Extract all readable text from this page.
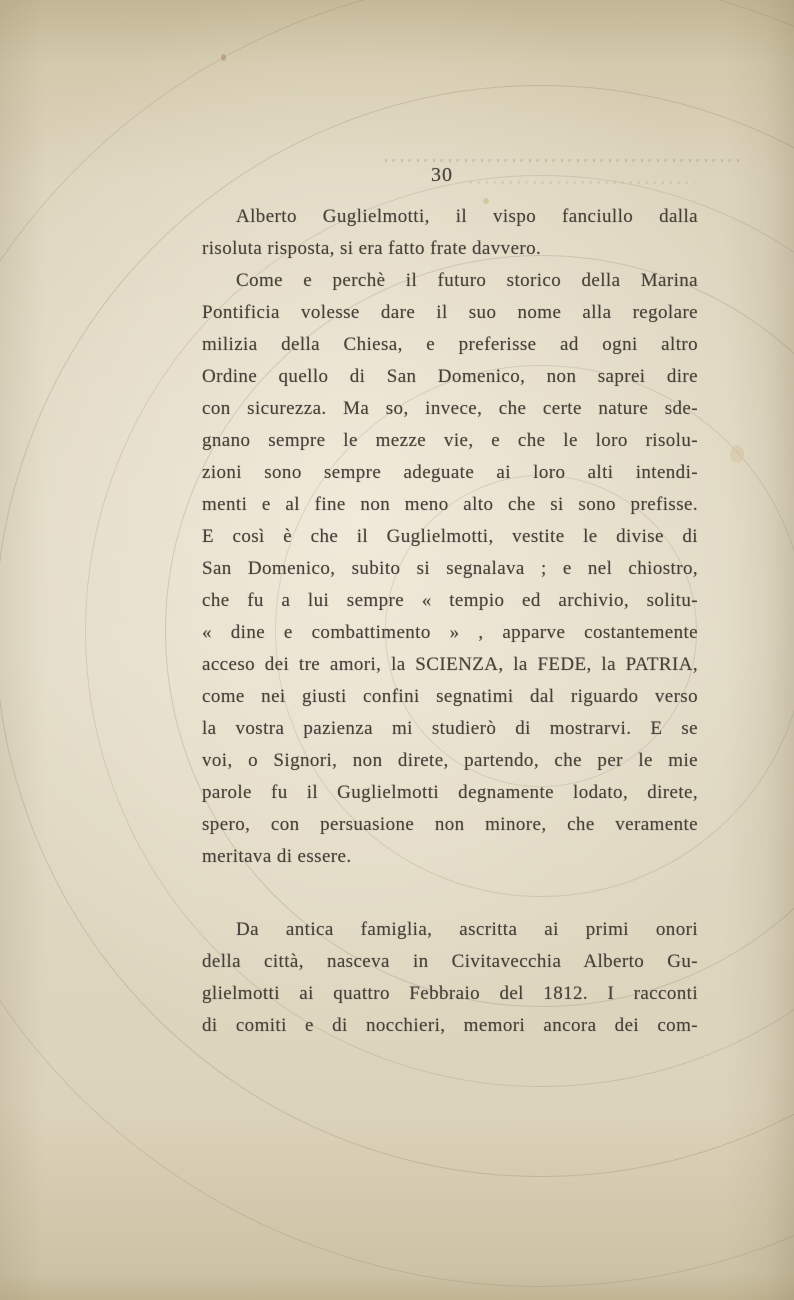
30

Alberto Guglielmotti, il vispo fanciullo dalla
risoluta risposta, si era fatto frate davvero.

Come e perchè il futuro storico della Marina
Pontificia volesse dare il suo nome alla regolare
milizia della Chiesa, e preferisse ad ogni altro
Ordine quello di San Domenico, non saprei dire
con sicurezza. Ma so, invece, che certe nature sde-
gnano sempre le mezze vie, e che le loro risolu-
zioni sono sempre adeguate ai loro alti intendi-
menti e al fine non meno alto che si sono prefisse.
E così è che il Guglielmotti, vestite le divise di
San Domenico, subito si segnalava ; e nel chiostro,
che fu a lui sempre « tempio ed archivio, solitu-
« dine e combattimento » , apparve costantemente
acceso dei tre amori, la SCIENZA, la FEDE, la PATRIA,
come nei giusti confini segnatimi dal riguardo verso
la vostra pazienza mi studierò di mostrarvi. E se
voi, o Signori, non direte, partendo, che per le mie
parole fu il Guglielmotti degnamente lodato, direte,
spero, con persuasione non minore, che veramente
meritava di essere.

Da antica famiglia, ascritta ai primi onori
della città, nasceva in Civitavecchia Alberto Gu-
glielmotti ai quattro Febbraio del 1812. I racconti
di comiti e di nocchieri, memori ancora dei com-
